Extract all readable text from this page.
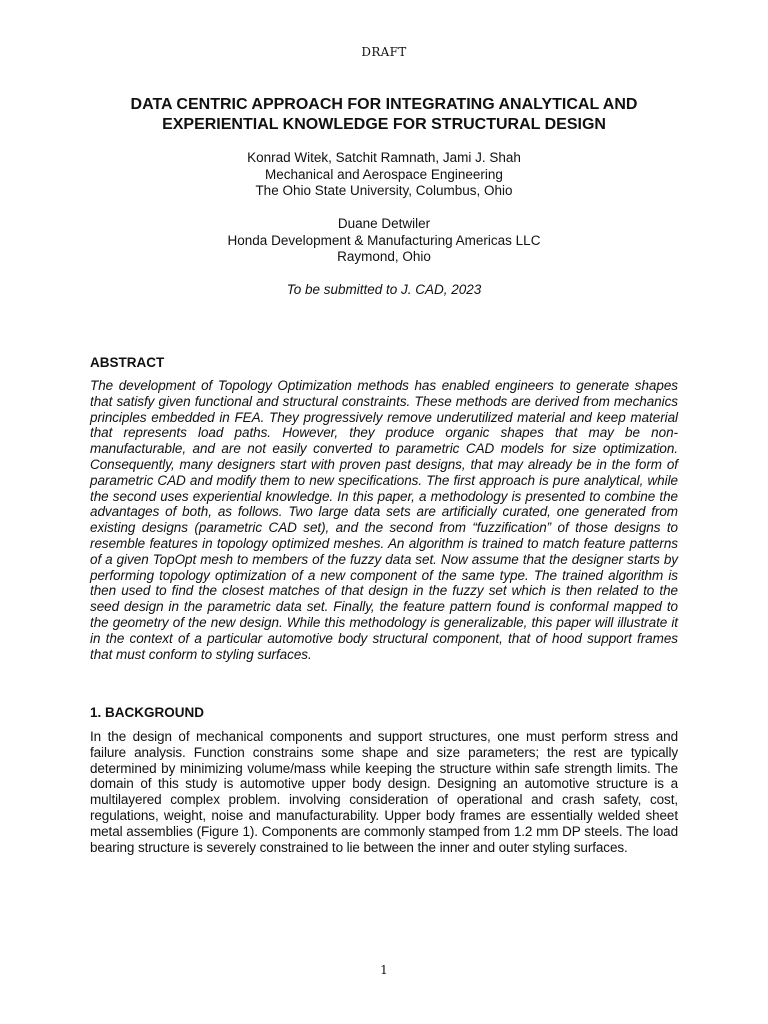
DRAFT
DATA CENTRIC APPROACH FOR INTEGRATING ANALYTICAL AND
EXPERIENTIAL KNOWLEDGE FOR STRUCTURAL DESIGN
Konrad Witek, Satchit Ramnath, Jami J. Shah
Mechanical and Aerospace Engineering
The Ohio State University, Columbus, Ohio
Duane Detwiler
Honda Development & Manufacturing Americas LLC
Raymond, Ohio
To be submitted to J. CAD, 2023
ABSTRACT

The development of Topology Optimization methods has enabled engineers to generate shapes that satisfy given functional and structural constraints. These methods are derived from mechanics principles embedded in FEA. They progressively remove underutilized material and keep material that represents load paths. However, they produce organic shapes that may be non-manufacturable, and are not easily converted to parametric CAD models for size optimization. Consequently, many designers start with proven past designs, that may already be in the form of parametric CAD and modify them to new specifications. The first approach is pure analytical, while the second uses experiential knowledge. In this paper, a methodology is presented to combine the advantages of both, as follows. Two large data sets are artificially curated, one generated from existing designs (parametric CAD set), and the second from “fuzzification” of those designs to resemble features in topology optimized meshes. An algorithm is trained to match feature patterns of a given TopOpt mesh to members of the fuzzy data set. Now assume that the designer starts by performing topology optimization of a new component of the same type. The trained algorithm is then used to find the closest matches of that design in the fuzzy set which is then related to the seed design in the parametric data set. Finally, the feature pattern found is conformal mapped to the geometry of the new design. While this methodology is generalizable, this paper will illustrate it in the context of a particular automotive body structural component, that of hood support frames that must conform to styling surfaces.

1. BACKGROUND

In the design of mechanical components and support structures, one must perform stress and failure analysis. Function constrains some shape and size parameters; the rest are typically determined by minimizing volume/mass while keeping the structure within safe strength limits. The domain of this study is automotive upper body design. Designing an automotive structure is a multilayered complex problem. involving consideration of operational and crash safety, cost, regulations, weight, noise and manufacturability. Upper body frames are essentially welded sheet metal assemblies (Figure 1). Components are commonly stamped from 1.2 mm DP steels. The load bearing structure is severely constrained to lie between the inner and outer styling surfaces.

1
